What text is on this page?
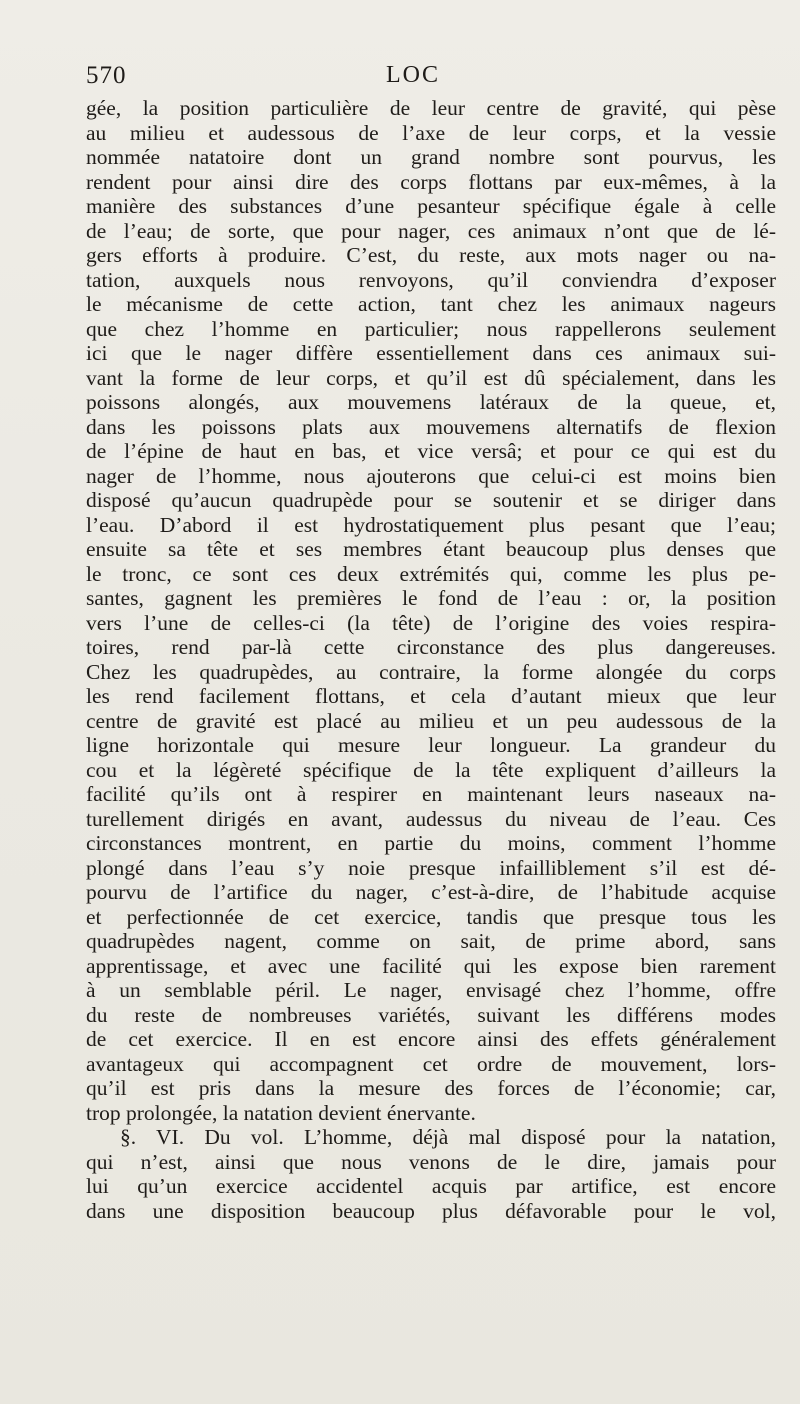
570	LOC
gée, la position particulière de leur centre de gravité, qui pèse
au milieu et audessous de l’axe de leur corps, et la vessie
nommée natatoire dont un grand nombre sont pourvus, les
rendent pour ainsi dire des corps flottans par eux-mêmes, à la
manière des substances d’une pesanteur spécifique égale à celle
de l’eau; de sorte, que pour nager, ces animaux n’ont que de lé-
gers efforts à produire. C’est, du reste, aux mots nager ou na-
tation, auxquels nous renvoyons, qu’il conviendra d’exposer
le mécanisme de cette action, tant chez les animaux nageurs
que chez l’homme en particulier; nous rappellerons seulement
ici que le nager diffère essentiellement dans ces animaux sui-
vant la forme de leur corps, et qu’il est dû spécialement, dans les
poissons alongés, aux mouvemens latéraux de la queue, et,
dans les poissons plats aux mouvemens alternatifs de flexion
de l’épine de haut en bas, et vice versâ; et pour ce qui est du
nager de l’homme, nous ajouterons que celui-ci est moins bien
disposé qu’aucun quadrupède pour se soutenir et se diriger dans
l’eau. D’abord il est hydrostatiquement plus pesant que l’eau;
ensuite sa tête et ses membres étant beaucoup plus denses que
le tronc, ce sont ces deux extrémités qui, comme les plus pe-
santes, gagnent les premières le fond de l’eau : or, la position
vers l’une de celles-ci (la tête) de l’origine des voies respira-
toires, rend par-là cette circonstance des plus dangereuses.
Chez les quadrupèdes, au contraire, la forme alongée du corps
les rend facilement flottans, et cela d’autant mieux que leur
centre de gravité est placé au milieu et un peu audessous de la
ligne horizontale qui mesure leur longueur. La grandeur du
cou et la légèreté spécifique de la tête expliquent d’ailleurs la
facilité qu’ils ont à respirer en maintenant leurs naseaux na-
turellement dirigés en avant, audessus du niveau de l’eau. Ces
circonstances montrent, en partie du moins, comment l’homme
plongé dans l’eau s’y noie presque infailliblement s’il est dé-
pourvu de l’artifice du nager, c’est-à-dire, de l’habitude acquise
et perfectionnée de cet exercice, tandis que presque tous les
quadrupèdes nagent, comme on sait, de prime abord, sans
apprentissage, et avec une facilité qui les expose bien rarement
à un semblable péril. Le nager, envisagé chez l’homme, offre
du reste de nombreuses variétés, suivant les différens modes
de cet exercice. Il en est encore ainsi des effets généralement
avantageux qui accompagnent cet ordre de mouvement, lors-
qu’il est pris dans la mesure des forces de l’économie; car,
trop prolongée, la natation devient énervante.
§. VI. Du vol. L’homme, déjà mal disposé pour la natation,
qui n’est, ainsi que nous venons de le dire, jamais pour
lui qu’un exercice accidentel acquis par artifice, est encore
dans une disposition beaucoup plus défavorable pour le vol,
